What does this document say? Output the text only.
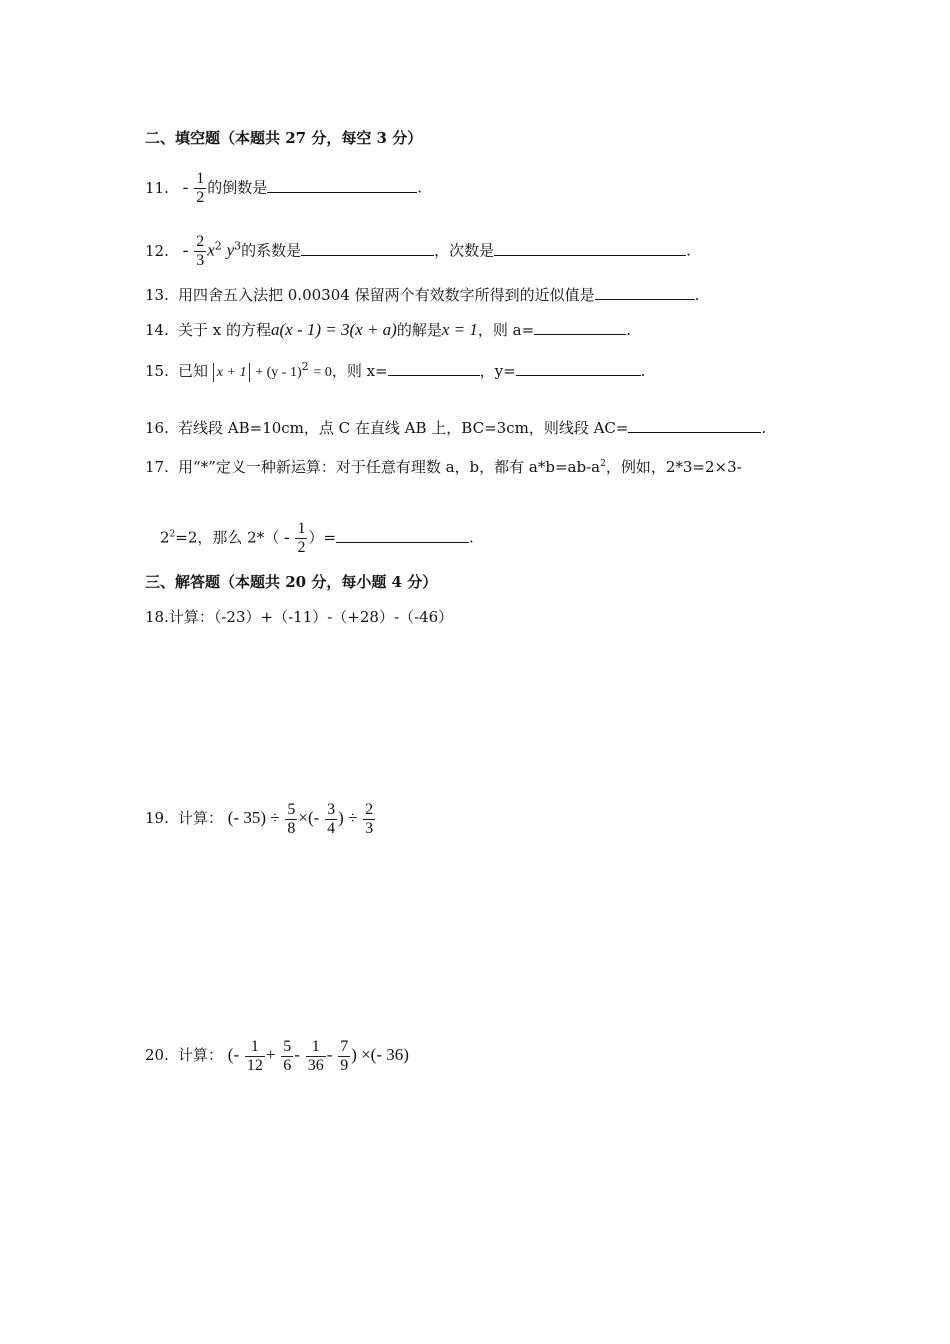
二、填空题（本题共 27 分，每空 3 分）
11. - $\frac{1}{2}$ 的倒数是	.
12. - $\frac{2}{3} x^2$ $y^3$的系数是	，次数是	.
13. 用四舍五入法把 0.00304 保留两个有效数字所得到的近似值是	.
14. 关于 x 的方程a(x - 1) = 3(x + a)的解是x = 1，则 a=	.
15. 已知 x + 1 + (y - 1)$^2$ = 0，则 x=	，y=	.
16. 若线段 AB=10cm，点 C 在直线 AB 上，BC=3cm，则线段 AC=	.
17. 用“*”定义一种新运算：对于任意有理数 a，b，都有 $a*b=ab-a^2$，例如，2*3=2×3-
$2^2=2$，那么 $2*( - \frac{1}{2}$ ）=	.
三、解答题（本题共 20 分，每小题 4 分）
18.计算：（-23）+（-11）-（+28）-（-46）
19. 计算： (- $35) \div \frac{5}{8}$ ×(- $\frac{3}{4}$ ) ÷ $\frac{2}{3}$
20. 计算： (- $\frac{1}{12} + \frac{5}{6} - \frac{1}{36} - \frac{7}{9}$ ) ×(- 36)
